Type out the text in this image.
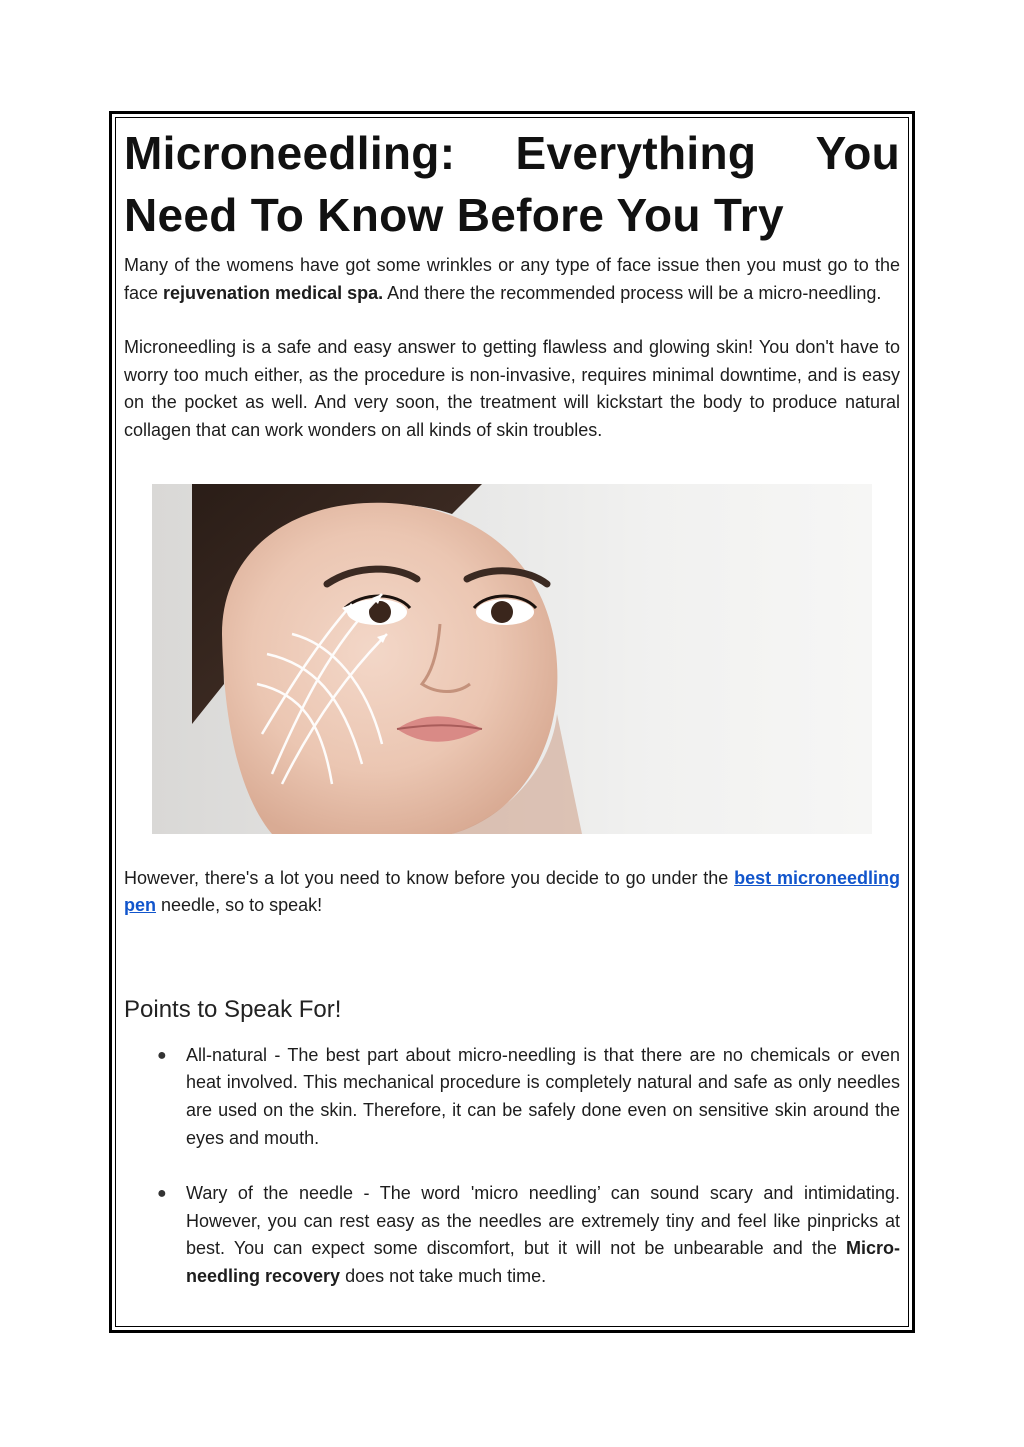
Microneedling: Everything You Need To Know Before You Try

Many of the womens have got some wrinkles or any type of face issue then you must go to the face rejuvenation medical spa. And there the recommended process will be a micro-needling.

Microneedling is a safe and easy answer to getting flawless and glowing skin! You don't have to worry too much either, as the procedure is non-invasive, requires minimal downtime, and is easy on the pocket as well. And very soon, the treatment will kickstart the body to produce natural collagen that can work wonders on all kinds of skin troubles.

However, there's a lot you need to know before you decide to go under the best microneedling pen needle, so to speak!

Points to Speak For!
● All-natural - The best part about micro-needling is that there are no chemicals or even heat involved. This mechanical procedure is completely natural and safe as only needles are used on the skin. Therefore, it can be safely done even on sensitive skin around the eyes and mouth.
● Wary of the needle - The word 'micro needling’ can sound scary and intimidating. However, you can rest easy as the needles are extremely tiny and feel like pinpricks at best. You can expect some discomfort, but it will not be unbearable and the Micro-needling recovery does not take much time.
